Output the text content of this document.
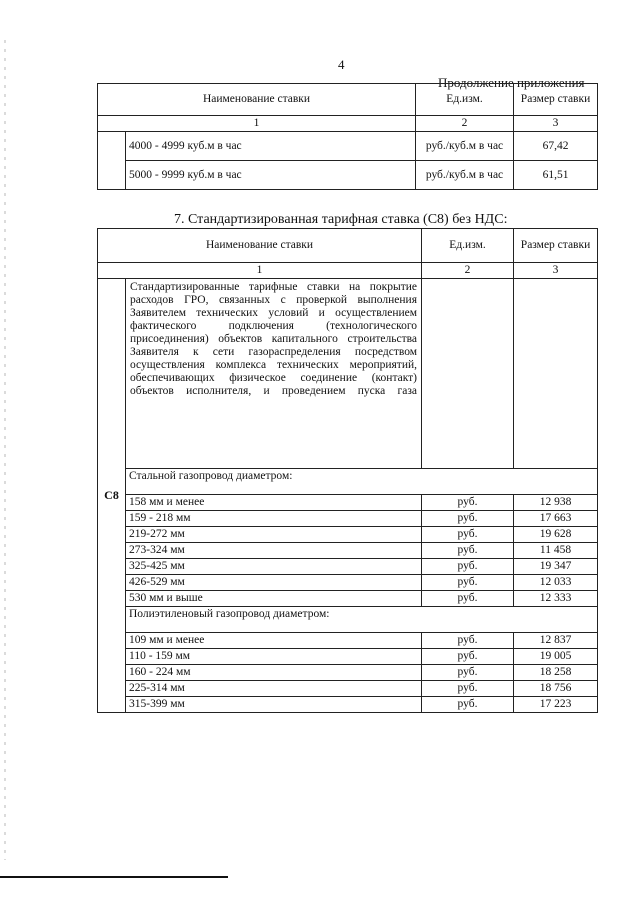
4
Продолжение приложения
Наименование ставки		Ед.изм.	Размер ставки
1		2	3
	4000 - 4999 куб.м в час	руб./куб.м в час	67,42
	5000 - 9999 куб.м в час	руб./куб.м в час	61,51
7. Стандартизированная тарифная ставка (С8) без НДС:
Наименование ставки		Ед.изм.	Размер ставки
1		2	3
С8	Стандартизированные тарифные ставки на покрытие расходов ГРО, связанных с проверкой выполнения Заявителем технических условий и осуществлением фактического подключения (технологического присоединения) объектов капитального строительства Заявителя к сети газораспределения посредством осуществления комплекса технических мероприятий, обеспечивающих физическое соединение (контакт) объектов исполнителя, и проведением пуска газа		
	Стальной газопровод диаметром:		
	158 мм и менее	руб.	12 938
	159 - 218 мм	руб.	17 663
	219-272 мм	руб.	19 628
	273-324 мм	руб.	11 458
	325-425 мм	руб.	19 347
	426-529 мм	руб.	12 033
	530 мм и выше	руб.	12 333
	Полиэтиленовый газопровод диаметром:		
	109 мм и менее	руб.	12 837
	110 - 159 мм	руб.	19 005
	160 - 224 мм	руб.	18 258
	225-314 мм	руб.	18 756
	315-399 мм	руб.	17 223
